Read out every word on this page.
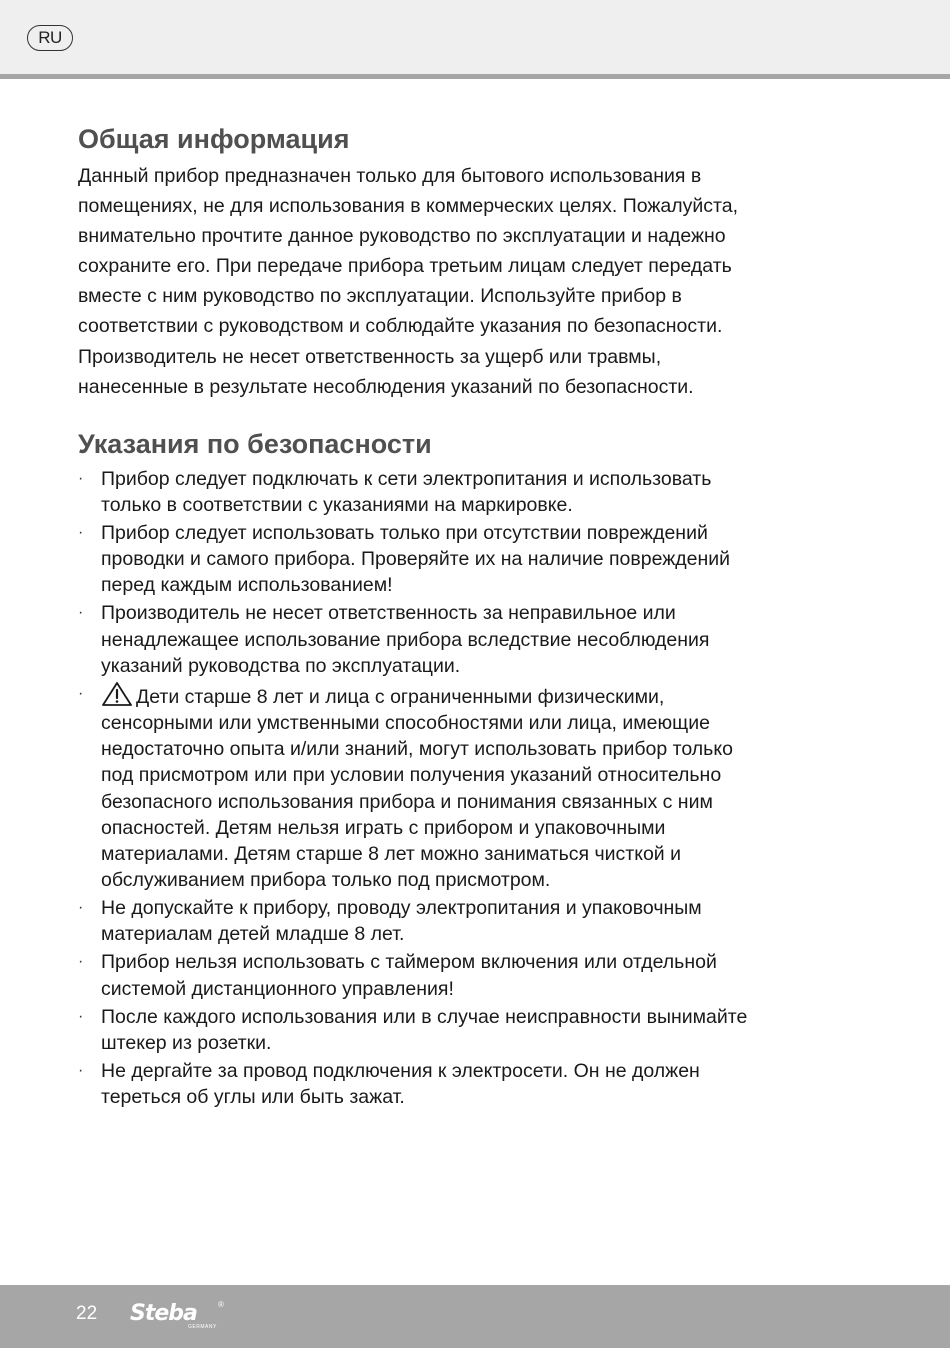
RU
Общая информация
Данный прибор предназначен только для бытового использования в
помещениях, не для использования в коммерческих целях. Пожалуйста,
внимательно прочтите данное руководство по эксплуатации и надежно
сохраните его. При передаче прибора третьим лицам следует передать
вместе с ним руководство по эксплуатации. Используйте прибор в
соответствии с руководством и соблюдайте указания по безопасности.
Производитель не несет ответственность за ущерб или травмы,
нанесенные в результате несоблюдения указаний по безопасности.
Указания по безопасности
· Прибор следует подключать к сети электропитания и использовать
только в соответствии с указаниями на маркировке.
· Прибор следует использовать только при отсутствии повреждений
проводки и самого прибора. Проверяйте их на наличие повреждений
перед каждым использованием!
· Производитель не несет ответственность за неправильное или
ненадлежащее использование прибора вследствие несоблюдения
указаний руководства по эксплуатации.
·	Дети старше 8 лет и лица с ограниченными физическими,
сенсорными или умственными способностями или лица, имеющие
недостаточно опыта и/или знаний, могут использовать прибор только
под присмотром или при условии получения указаний относительно
безопасного использования прибора и понимания связанных с ним
опасностей. Детям нельзя играть с прибором и упаковочными
материалами. Детям старше 8 лет можно заниматься чисткой и
обслуживанием прибора только под присмотром.
· Не допускайте к прибору, проводу электропитания и упаковочным
материалам детей младше 8 лет.
· Прибор нельзя использовать с таймером включения или отдельной
системой дистанционного управления!
· После каждого использования или в случае неисправности вынимайте
штекер из розетки.
· Не дергайте за провод подключения к электросети. Он не должен
тереться об углы или быть зажат.
22 Steba
GERMANY
®
